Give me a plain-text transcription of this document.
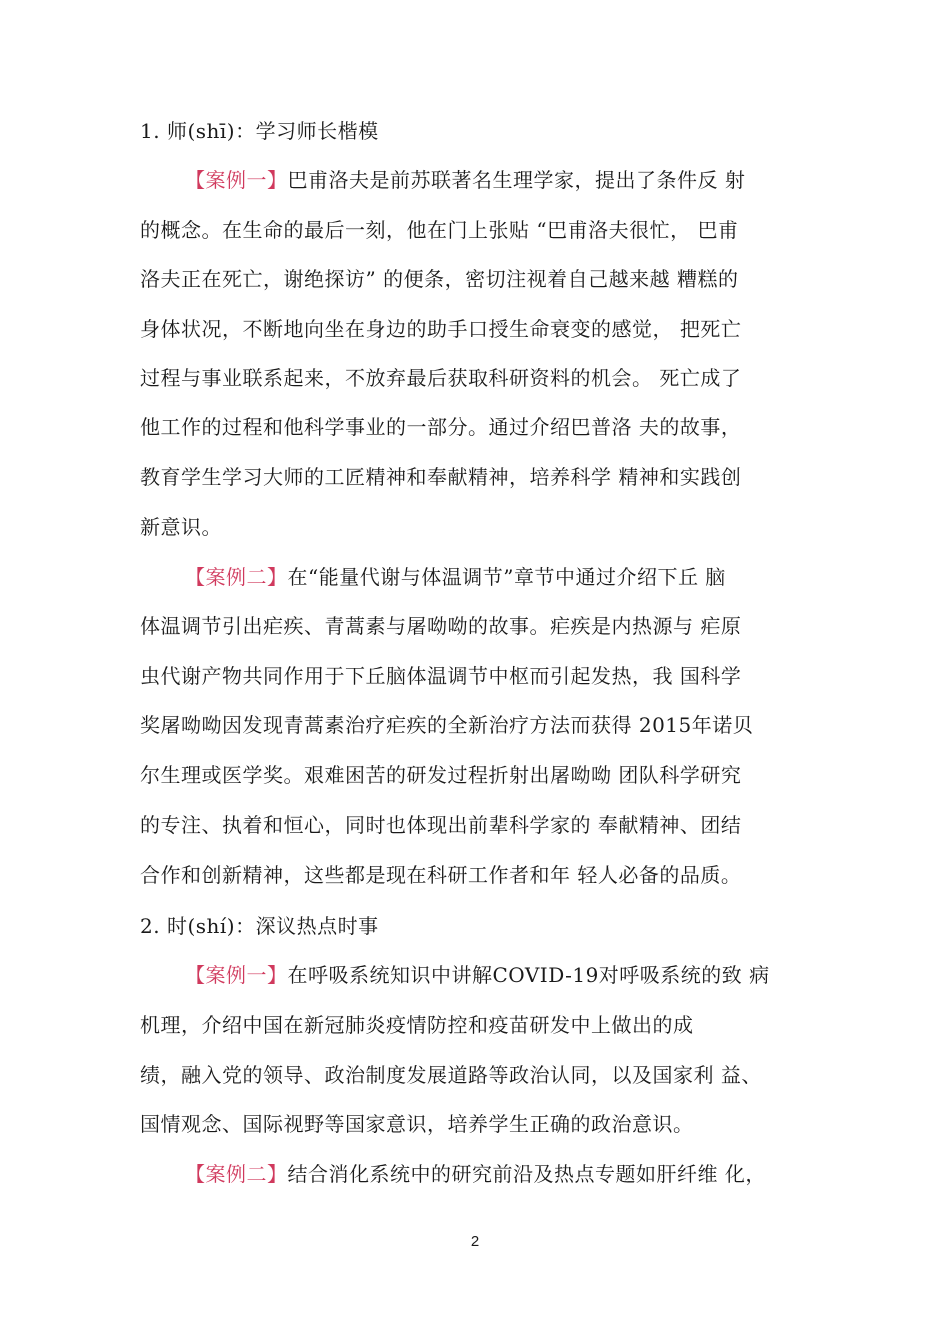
1. 师(shī)：学习师长楷模
【案例一】巴甫洛夫是前苏联著名生理学家，提出了条件反 射
的概念。在生命的最后一刻，他在门上张贴 “巴甫洛夫很忙， 巴甫
洛夫正在死亡，谢绝探访” 的便条，密切注视着自己越来越 糟糕的
身体状况，不断地向坐在身边的助手口授生命衰变的感觉， 把死亡
过程与事业联系起来，不放弃最后获取科研资料的机会。 死亡成了
他工作的过程和他科学事业的一部分。通过介绍巴普洛 夫的故事，
教育学生学习大师的工匠精神和奉献精神，培养科学 精神和实践创
新意识。
【案例二】在“能量代谢与体温调节”章节中通过介绍下丘 脑
体温调节引出疟疾、青蒿素与屠呦呦的故事。疟疾是内热源与 疟原
虫代谢产物共同作用于下丘脑体温调节中枢而引起发热，我 国科学
奖屠呦呦因发现青蒿素治疗疟疾的全新治疗方法而获得 2015年诺贝
尔生理或医学奖。艰难困苦的研发过程折射出屠呦呦 团队科学研究
的专注、执着和恒心，同时也体现出前辈科学家的 奉献精神、团结
合作和创新精神，这些都是现在科研工作者和年 轻人必备的品质。
2. 时(shí)：深议热点时事
【案例一】在呼吸系统知识中讲解COVID-19对呼吸系统的致 病
机理，介绍中国在新冠肺炎疫情防控和疫苗研发中上做出的成
绩，融入党的领导、政治制度发展道路等政治认同，以及国家利 益、
国情观念、国际视野等国家意识，培养学生正确的政治意识。
【案例二】结合消化系统中的研究前沿及热点专题如肝纤维 化，
2
